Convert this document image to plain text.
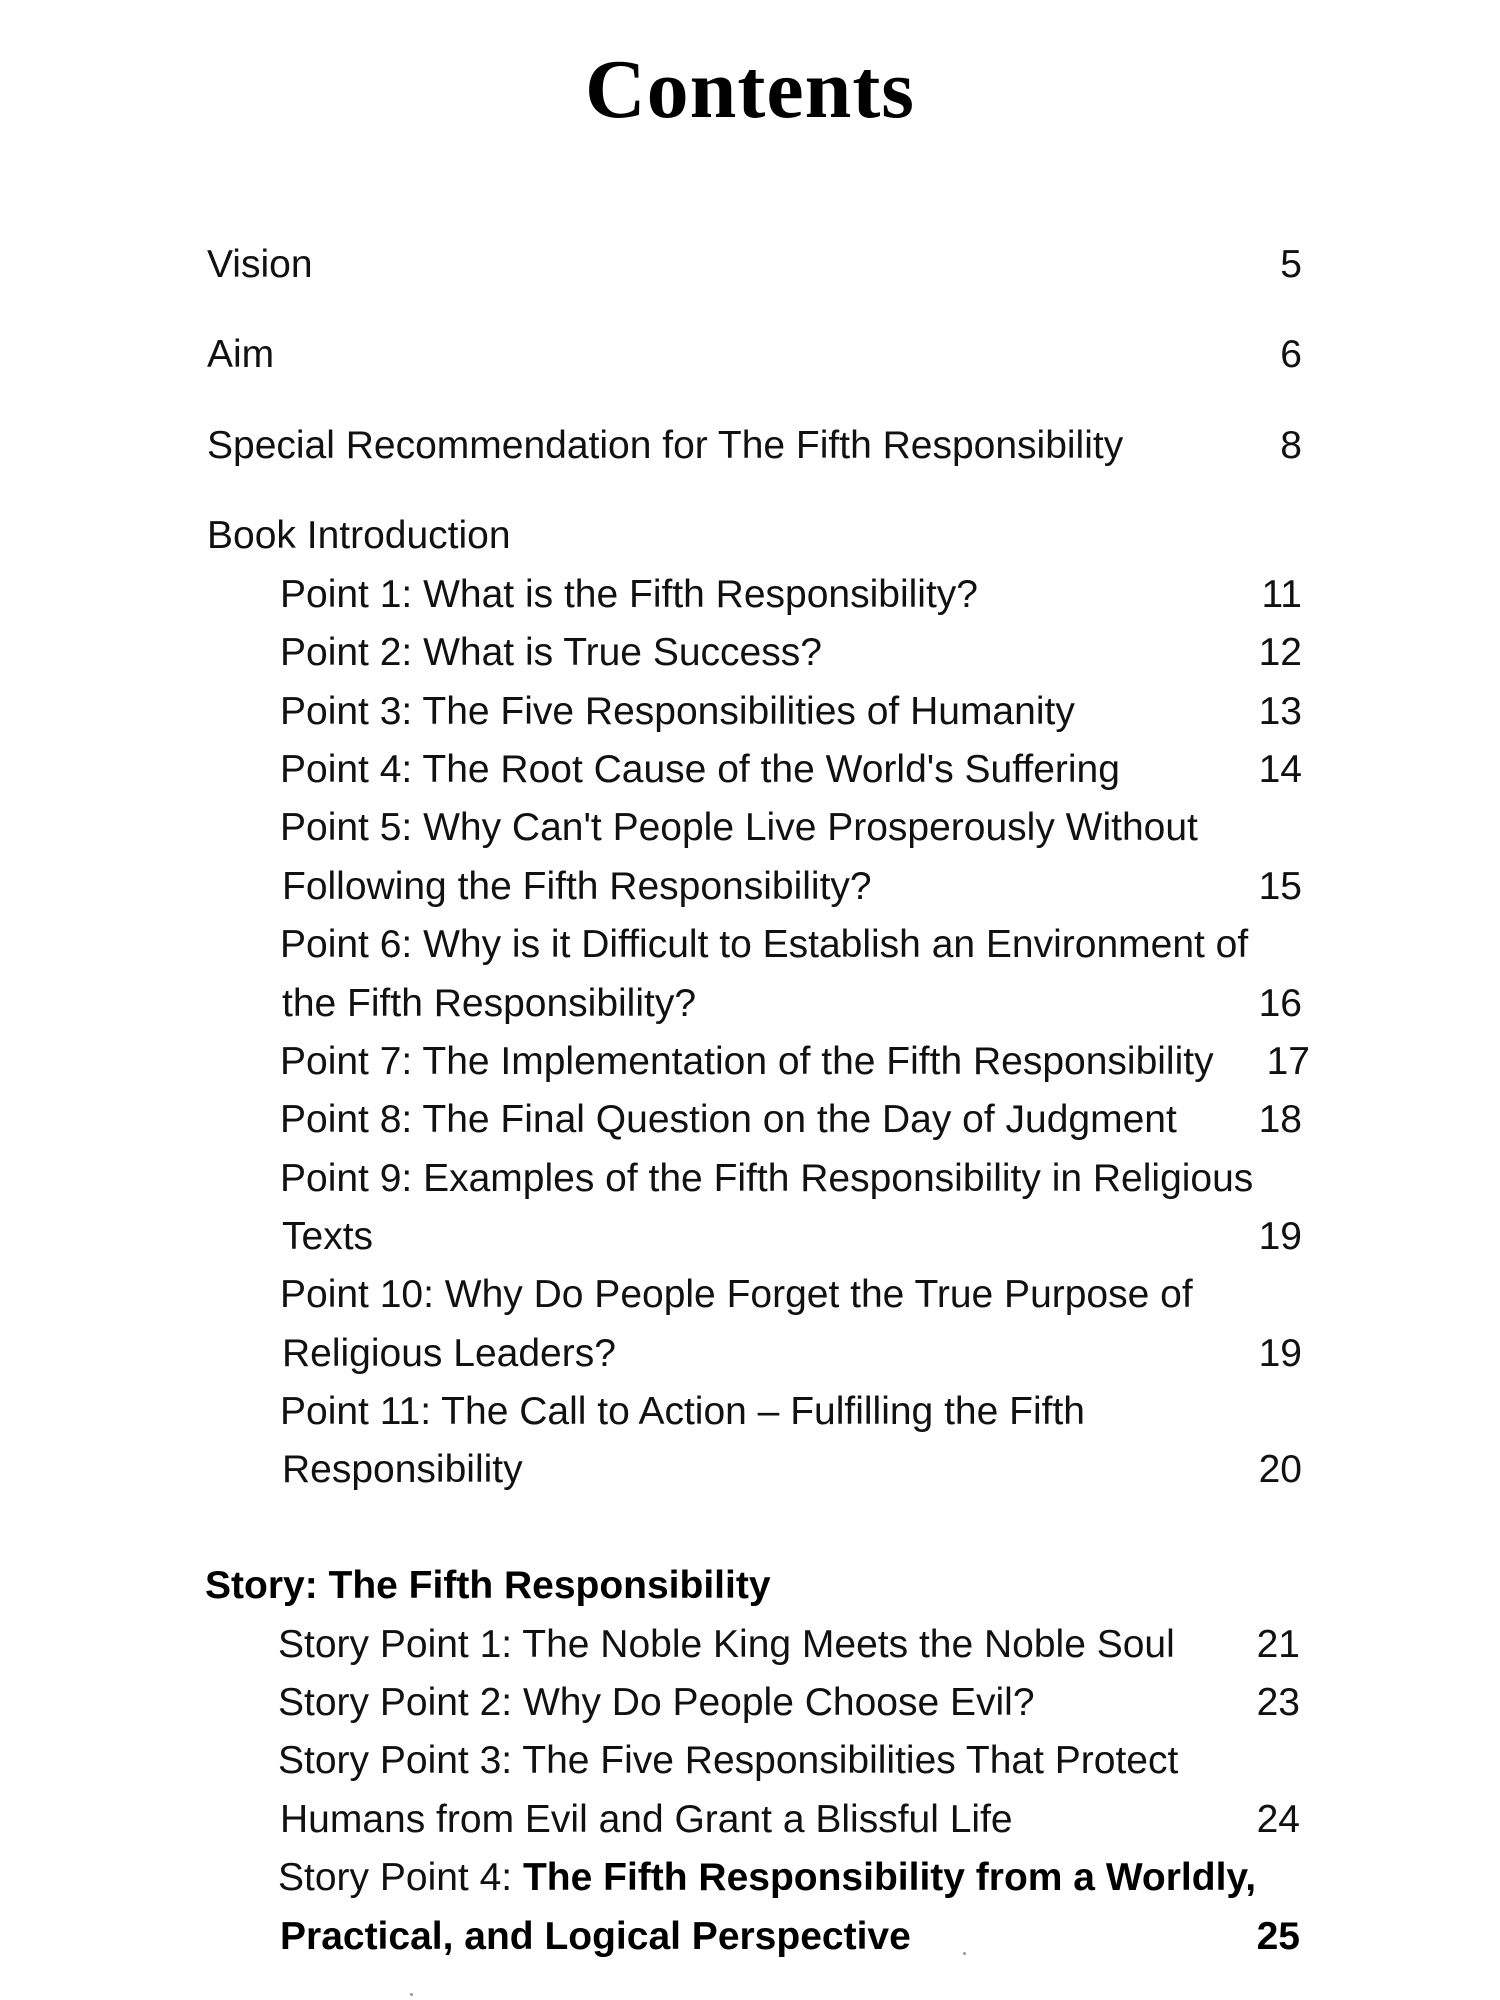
Contents
Vision	5
Aim	6
Special Recommendation for The Fifth Responsibility	8
Book Introduction
Point 1: What is the Fifth Responsibility?	11
Point 2: What is True Success?	12
Point 3: The Five Responsibilities of Humanity	13
Point 4: The Root Cause of the World's Suffering	14
Point 5: Why Can't People Live Prosperously Without
Following the Fifth Responsibility?	15
Point 6: Why is it Difficult to Establish an Environment of
the Fifth Responsibility?	16
Point 7: The Implementation of the Fifth Responsibility 17
Point 8: The Final Question on the Day of Judgment 18
Point 9: Examples of the Fifth Responsibility in Religious
Texts	19
Point 10: Why Do People Forget the True Purpose of
Religious Leaders?	19
Point 11: The Call to Action – Fulfilling the Fifth
Responsibility	20
Story: The Fifth Responsibility
Story Point 1: The Noble King Meets the Noble Soul 21
Story Point 2: Why Do People Choose Evil?	23
Story Point 3: The Five Responsibilities That Protect
Humans from Evil and Grant a Blissful Life	24
Story Point 4: The Fifth Responsibility from a Worldly,
Practical, and Logical Perspective	25
